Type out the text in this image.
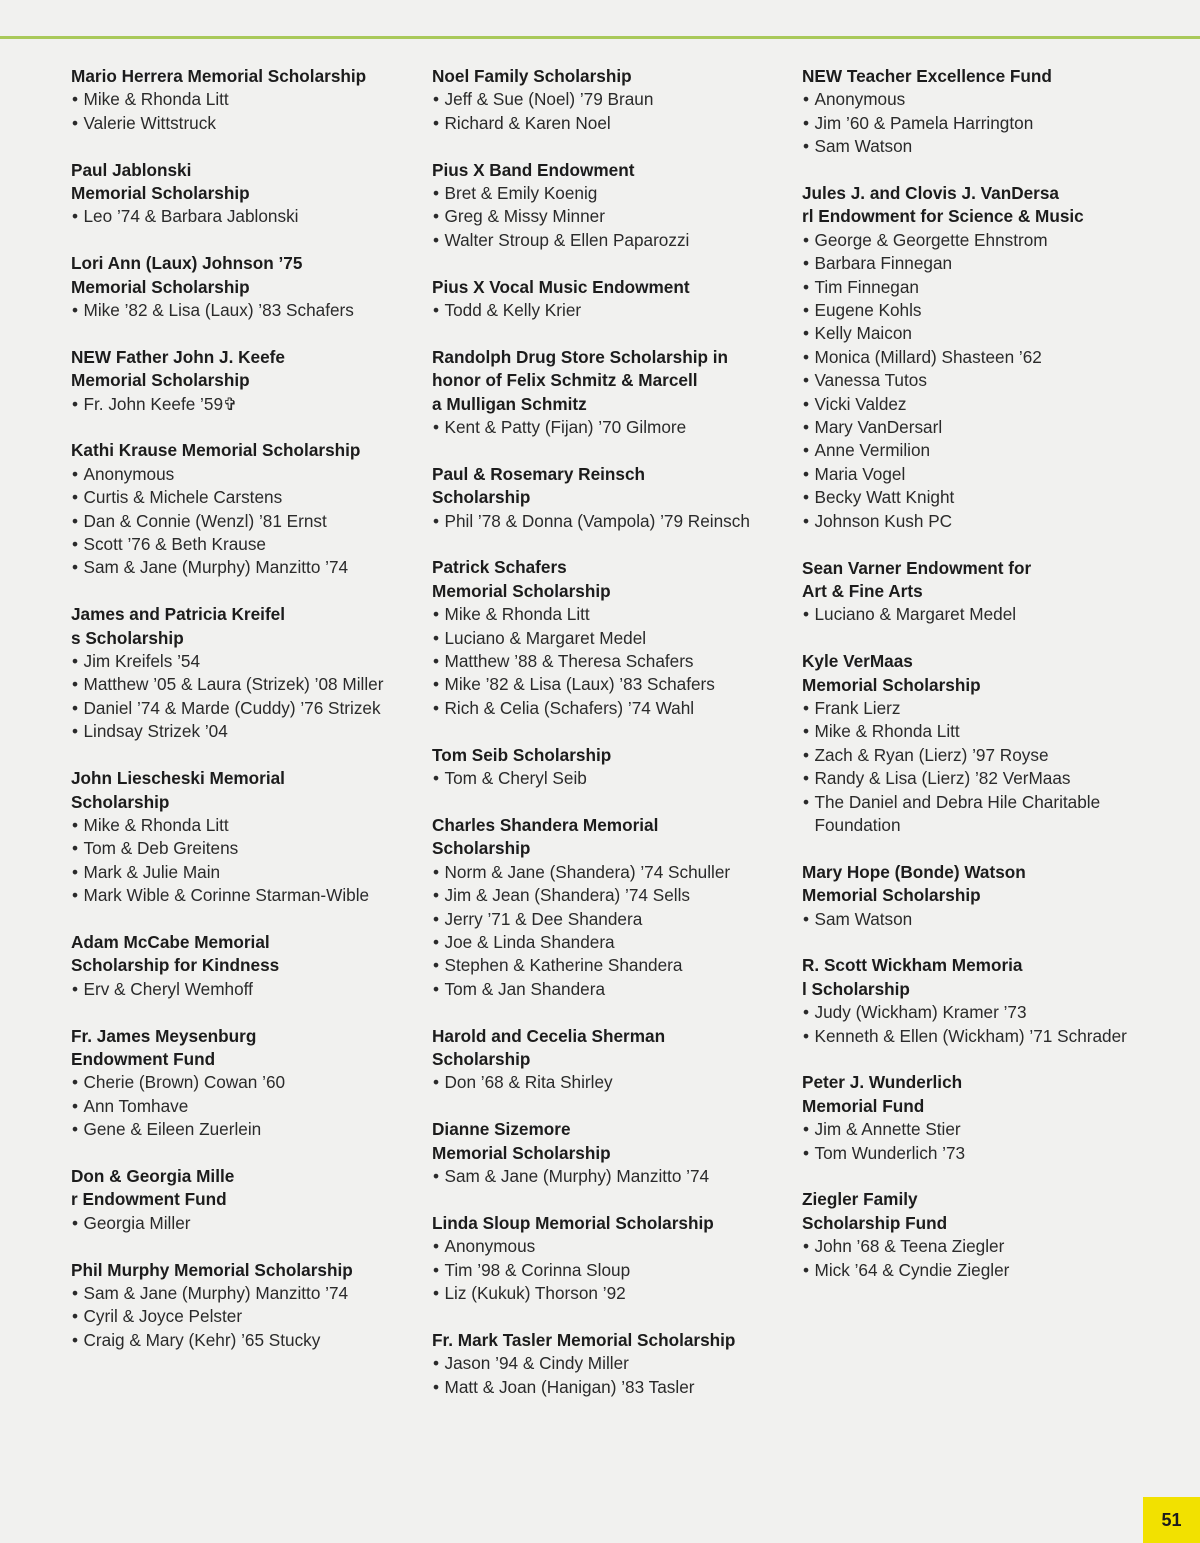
Mario Herrera Memorial Scholarship
• Mike & Rhonda Litt
• Valerie Wittstruck
Paul Jablonski
Memorial Scholarship
• Leo ’74 & Barbara Jablonski
Lori Ann (Laux) Johnson ’75
Memorial Scholarship
• Mike ’82 & Lisa (Laux) ’83 Schafers
NEW Father John J. Keefe
Memorial Scholarship
• Fr. John Keefe ’59✞
Kathi Krause Memorial Scholarship
• Anonymous
• Curtis & Michele Carstens
• Dan & Connie (Wenzl) ’81 Ernst
• Scott ’76 & Beth Krause
• Sam & Jane (Murphy) Manzitto ’74
James and Patricia Kreifel
s Scholarship
• Jim Kreifels ’54
• Matthew ’05 & Laura (Strizek) ’08 Miller
• Daniel ’74 & Marde (Cuddy) ’76 Strizek
• Lindsay Strizek ’04
John Liescheski Memorial
Scholarship
• Mike & Rhonda Litt
• Tom & Deb Greitens
• Mark & Julie Main
• Mark Wible & Corinne Starman-Wible
Adam McCabe Memorial
Scholarship for Kindness
• Erv & Cheryl Wemhoff
Fr. James Meysenburg
Endowment Fund
• Cherie (Brown) Cowan ’60
• Ann Tomhave
• Gene & Eileen Zuerlein
Don & Georgia Mille
r Endowment Fund
• Georgia Miller
Phil Murphy Memorial Scholarship
• Sam & Jane (Murphy) Manzitto ’74
• Cyril & Joyce Pelster
• Craig & Mary (Kehr) ’65 Stucky
Noel Family Scholarship
• Jeff & Sue (Noel) ’79 Braun
• Richard & Karen Noel
Pius X Band Endowment
• Bret & Emily Koenig
• Greg & Missy Minner
• Walter Stroup & Ellen Paparozzi
Pius X Vocal Music Endowment
• Todd & Kelly Krier
Randolph Drug Store Scholarship in
honor of Felix Schmitz & Marcell
a Mulligan Schmitz
• Kent & Patty (Fijan) ’70 Gilmore
Paul & Rosemary Reinsch
Scholarship
• Phil ’78 & Donna (Vampola) ’79 Reinsch
Patrick Schafers
Memorial Scholarship
• Mike & Rhonda Litt
• Luciano & Margaret Medel
• Matthew ’88 & Theresa Schafers
• Mike ’82 & Lisa (Laux) ’83 Schafers
• Rich & Celia (Schafers) ’74 Wahl
Tom Seib Scholarship
• Tom & Cheryl Seib
Charles Shandera Memorial
Scholarship
• Norm & Jane (Shandera) ’74 Schuller
• Jim & Jean (Shandera) ’74 Sells
• Jerry ’71 & Dee Shandera
• Joe & Linda Shandera
• Stephen & Katherine Shandera
• Tom & Jan Shandera
Harold and Cecelia Sherman
Scholarship
• Don ’68 & Rita Shirley
Dianne Sizemore
Memorial Scholarship
• Sam & Jane (Murphy) Manzitto ’74
Linda Sloup Memorial Scholarship
• Anonymous
• Tim ’98 & Corinna Sloup
• Liz (Kukuk) Thorson ’92
Fr. Mark Tasler Memorial Scholarship
• Jason ’94 & Cindy Miller
• Matt & Joan (Hanigan) ’83 Tasler
NEW Teacher Excellence Fund
• Anonymous
• Jim ’60 & Pamela Harrington
• Sam Watson
Jules J. and Clovis J. VanDersa
rl Endowment for Science & Music
• George & Georgette Ehnstrom
• Barbara Finnegan
• Tim Finnegan
• Eugene Kohls
• Kelly Maicon
• Monica (Millard) Shasteen ’62
• Vanessa Tutos
• Vicki Valdez
• Mary VanDersarl
• Anne Vermilion
• Maria Vogel
• Becky Watt Knight
• Johnson Kush PC
Sean Varner Endowment for
Art & Fine Arts
• Luciano & Margaret Medel
Kyle VerMaas
Memorial Scholarship
• Frank Lierz
• Mike & Rhonda Litt
• Zach & Ryan (Lierz) ’97 Royse
• Randy & Lisa (Lierz) ’82 VerMaas
• The Daniel and Debra Hile Charitable Foundation
Mary Hope (Bonde) Watson
Memorial Scholarship
• Sam Watson
R. Scott Wickham Memoria
l Scholarship
• Judy (Wickham) Kramer ’73
• Kenneth & Ellen (Wickham) ’71 Schrader
Peter J. Wunderlich
Memorial Fund
• Jim & Annette Stier
• Tom Wunderlich ’73
Ziegler Family
Scholarship Fund
• John ’68 & Teena Ziegler
• Mick ’64 & Cyndie Ziegler
51
